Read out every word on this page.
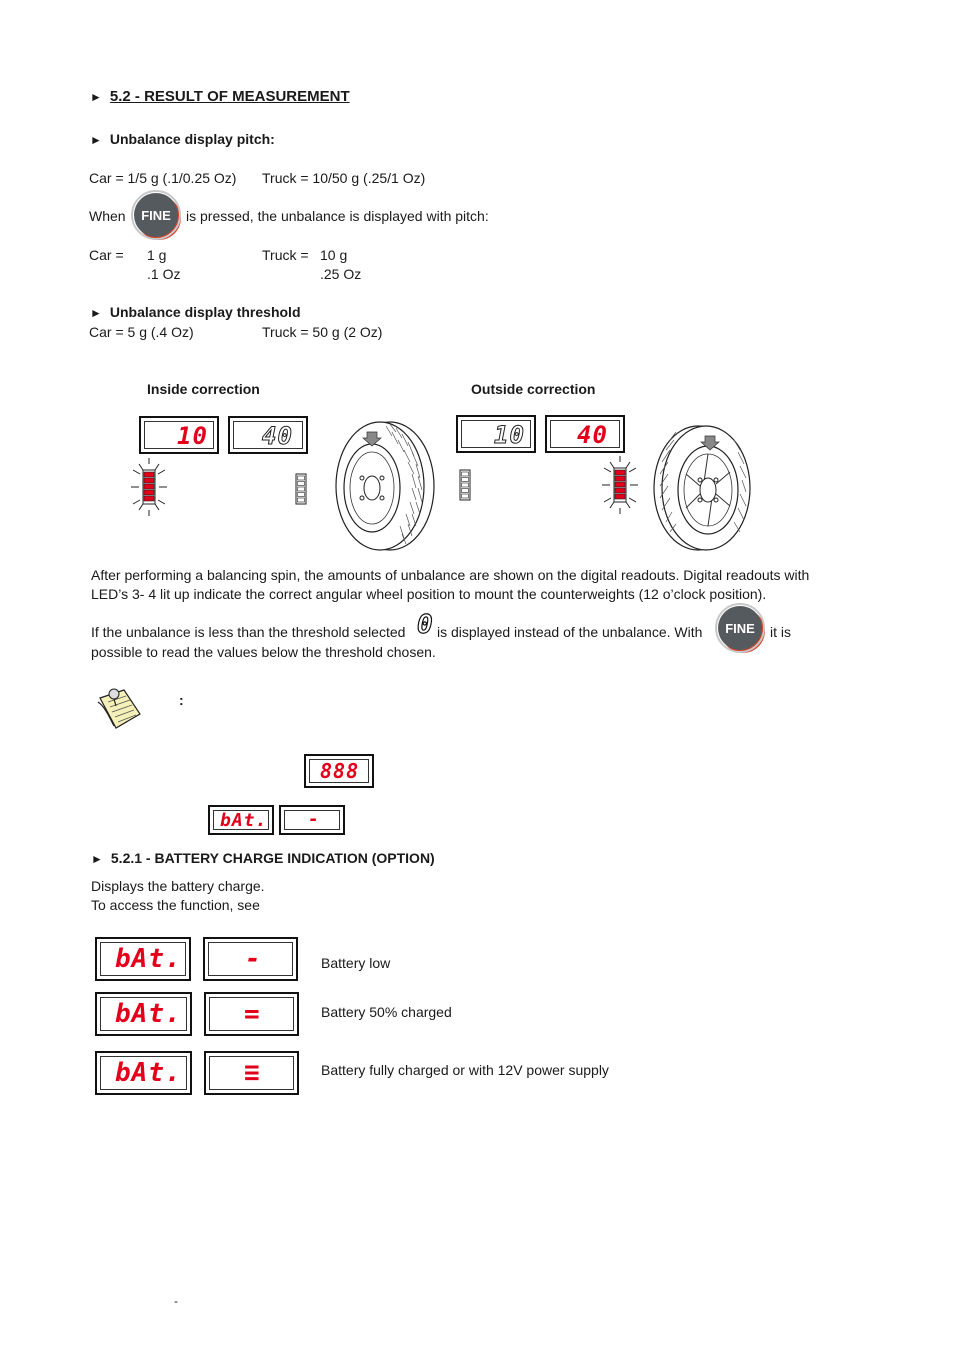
► 5.2 - RESULT OF MEASUREMENT
► Unbalance display pitch:
Car = 1/5 g (.1/0.25 Oz) Truck = 10/50 g (.25/1 Oz)
When FINE is pressed, the unbalance is displayed with pitch:
Car = 1 g
.1 Oz
Truck = 10 g
.25 Oz
► Unbalance display threshold
Car = 5 g (.4 Oz)	Truck = 50 g (2 Oz)
Inside correction	Outside correction
10 40	10 40
After performing a balancing spin, the amounts of unbalance are shown on the digital readouts. Digital readouts with LED’s 3- 4 lit up indicate the correct angular wheel position to mount the counterweights (12 o’clock position).
If the unbalance is less than the threshold selected 0 is displayed instead of the unbalance. With FINE it is
possible to read the values below the threshold chosen.
:
888
bAt. -
► 5.2.1 - BATTERY CHARGE INDICATION (OPTION)
Displays the battery charge.
To access the function, see
bAt. -	Battery low
bAt. =	Battery 50% charged
bAt. ≡	Battery fully charged or with 12V power supply
-
